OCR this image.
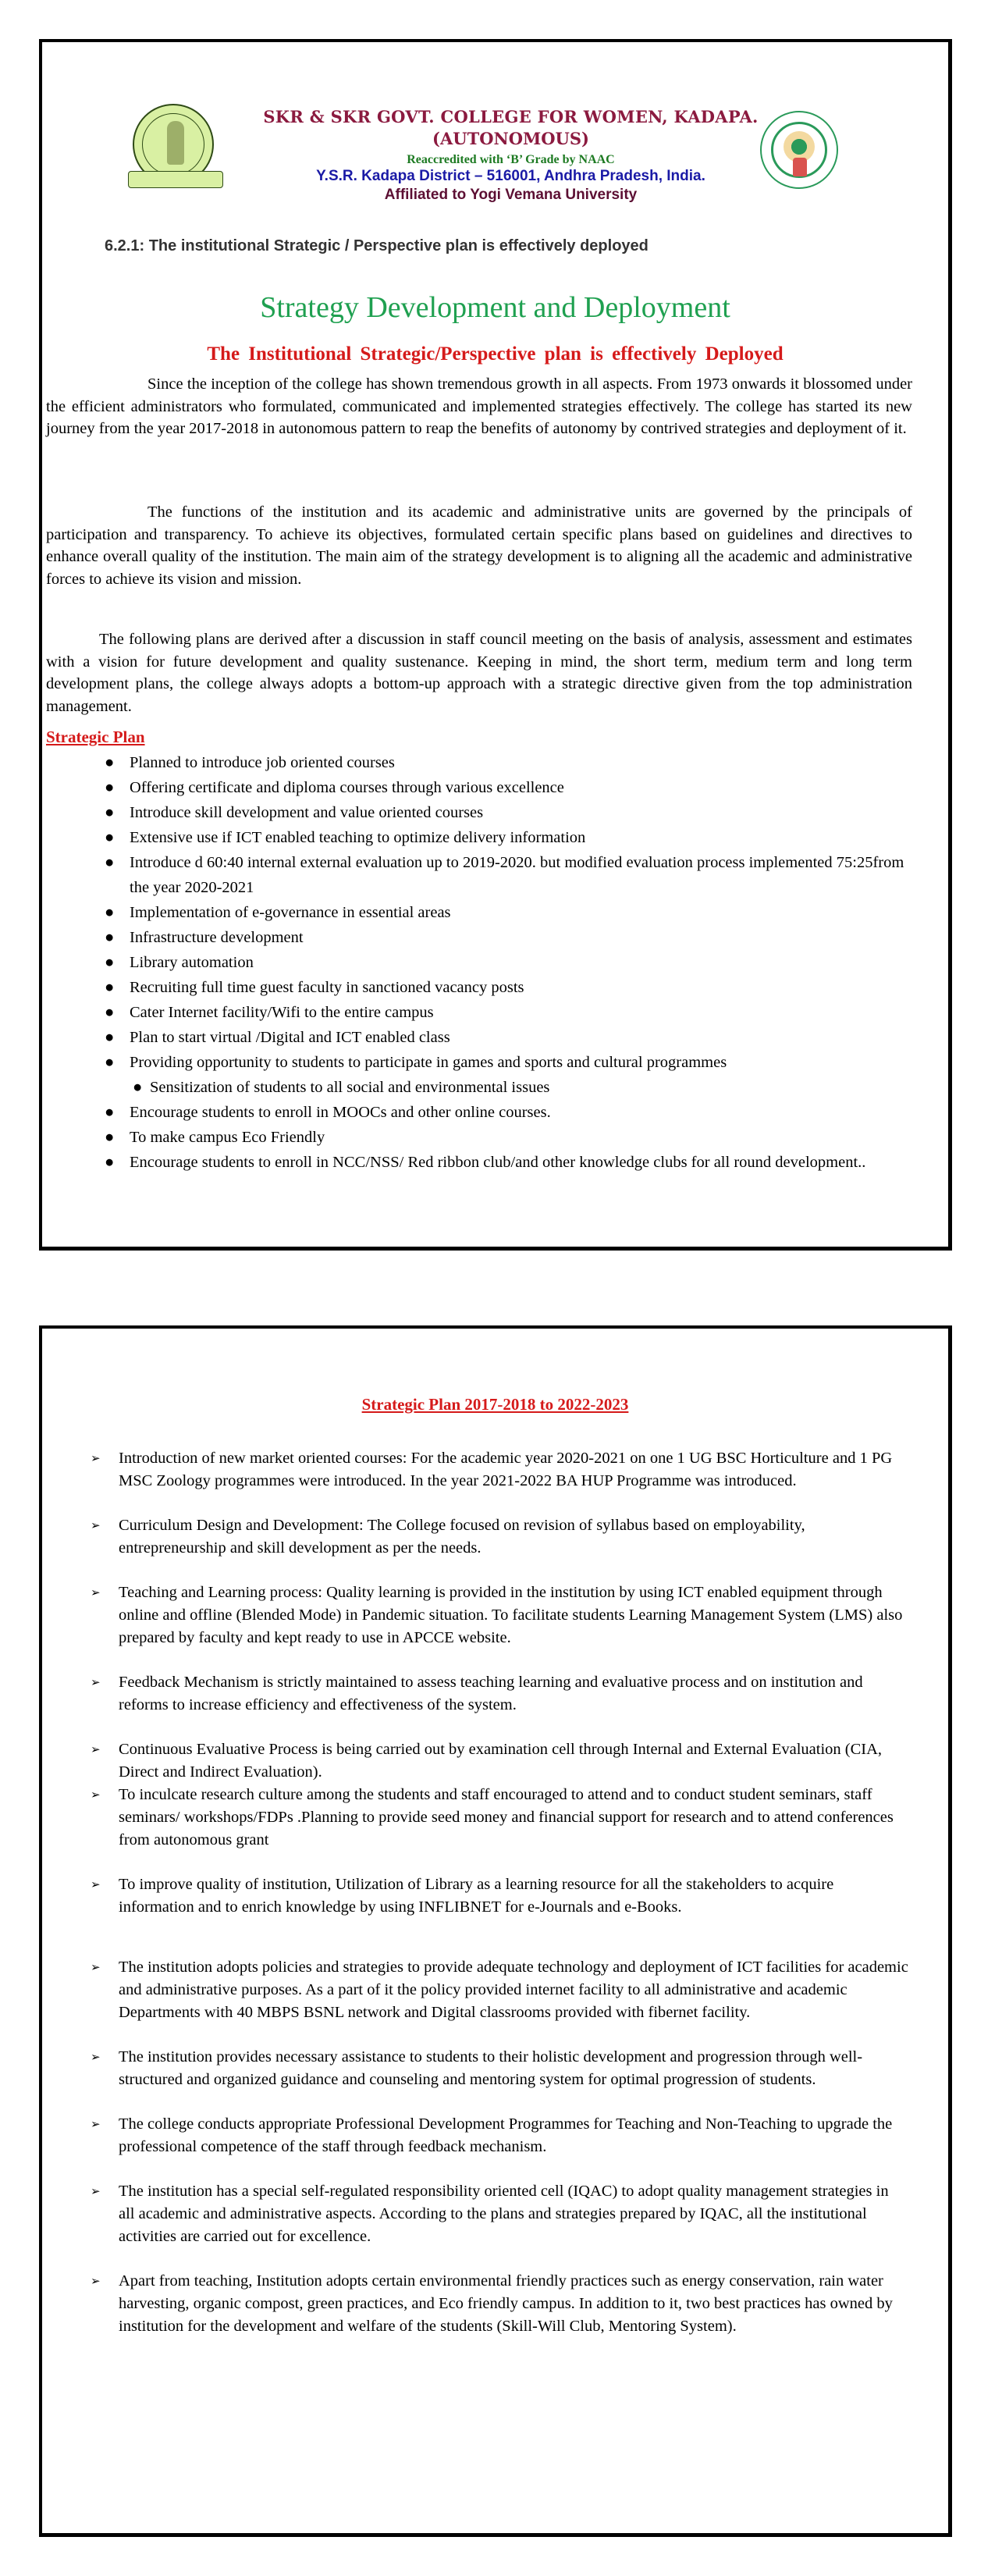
SKR & SKR GOVT. COLLEGE FOR WOMEN, KADAPA.
(AUTONOMOUS)
Reaccredited with ‘B’ Grade by NAAC
Y.S.R. Kadapa District – 516001, Andhra Pradesh, India.
Affiliated to Yogi Vemana University
6.2.1: The institutional Strategic / Perspective plan is effectively deployed
Strategy Development and Deployment
The Institutional Strategic/Perspective plan is effectively Deployed

Since the inception of the college has shown tremendous growth in all aspects. From 1973 onwards it blossomed under the efficient administrators who formulated, communicated and implemented strategies effectively. The college has started its new journey from the year 2017-2018 in autonomous pattern to reap the benefits of autonomy by contrived strategies and deployment of it.

The functions of the institution and its academic and administrative units are governed by the principals of participation and transparency. To achieve its objectives, formulated certain specific plans based on guidelines and directives to enhance overall quality of the institution. The main aim of the strategy development is to aligning all the academic and administrative forces to achieve its vision and mission.

The following plans are derived after a discussion in staff council meeting on the basis of analysis, assessment and estimates with a vision for future development and quality sustenance. Keeping in mind, the short term, medium term and long term development plans, the college always adopts a bottom-up approach with a strategic directive given from the top administration management.

Strategic Plan
● Planned to introduce job oriented courses
● Offering certificate and diploma courses through various excellence
● Introduce skill development and value oriented courses
● Extensive use if ICT enabled teaching to optimize delivery information
● Introduce d 60:40 internal external evaluation up to 2019-2020. but modified evaluation process implemented 75:25from the year 2020-2021
● Implementation of e-governance in essential areas
● Infrastructure development
● Library automation
● Recruiting full time guest faculty in sanctioned vacancy posts
● Cater Internet facility/Wifi to the entire campus
● Plan to start virtual /Digital and ICT enabled class
● Providing opportunity to students to participate in games and sports and cultural programmes
● Sensitization of students to all social and environmental issues
● Encourage students to enroll in MOOCs and other online courses.
● To make campus Eco Friendly
● Encourage students to enroll in NCC/NSS/ Red ribbon club/and other knowledge clubs for all round development..
Strategic Plan 2017-2018 to 2022-2023
➢ Introduction of new market oriented courses: For the academic year 2020-2021 on one 1 UG BSC Horticulture and 1 PG MSC Zoology programmes were introduced. In the year 2021-2022 BA HUP Programme was introduced.
➢ Curriculum Design and Development: The College focused on revision of syllabus based on employability, entrepreneurship and skill development as per the needs.
➢ Teaching and Learning process: Quality learning is provided in the institution by using ICT enabled equipment through online and offline (Blended Mode) in Pandemic situation. To facilitate students Learning Management System (LMS) also prepared by faculty and kept ready to use in APCCE website.
➢ Feedback Mechanism is strictly maintained to assess teaching learning and evaluative process and on institution and reforms to increase efficiency and effectiveness of the system.
➢ Continuous Evaluative Process is being carried out by examination cell through Internal and External Evaluation (CIA, Direct and Indirect Evaluation).
➢ To inculcate research culture among the students and staff encouraged to attend and to conduct student seminars, staff seminars/ workshops/FDPs .Planning to provide seed money and financial support for research and to attend conferences from autonomous grant
➢ To improve quality of institution, Utilization of Library as a learning resource for all the stakeholders to acquire information and to enrich knowledge by using INFLIBNET for e-Journals and e-Books.
➢ The institution adopts policies and strategies to provide adequate technology and deployment of ICT facilities for academic and administrative purposes. As a part of it the policy provided internet facility to all administrative and academic Departments with 40 MBPS BSNL network and Digital classrooms provided with fibernet facility.
➢ The institution provides necessary assistance to students to their holistic development and progression through well-structured and organized guidance and counseling and mentoring system for optimal progression of students.
➢ The college conducts appropriate Professional Development Programmes for Teaching and Non-Teaching to upgrade the professional competence of the staff through feedback mechanism.
➢ The institution has a special self-regulated responsibility oriented cell (IQAC) to adopt quality management strategies in all academic and administrative aspects. According to the plans and strategies prepared by IQAC, all the institutional activities are carried out for excellence.
➢ Apart from teaching, Institution adopts certain environmental friendly practices such as energy conservation, rain water harvesting, organic compost, green practices, and Eco friendly campus. In addition to it, two best practices has owned by institution for the development and welfare of the students (Skill-Will Club, Mentoring System).
